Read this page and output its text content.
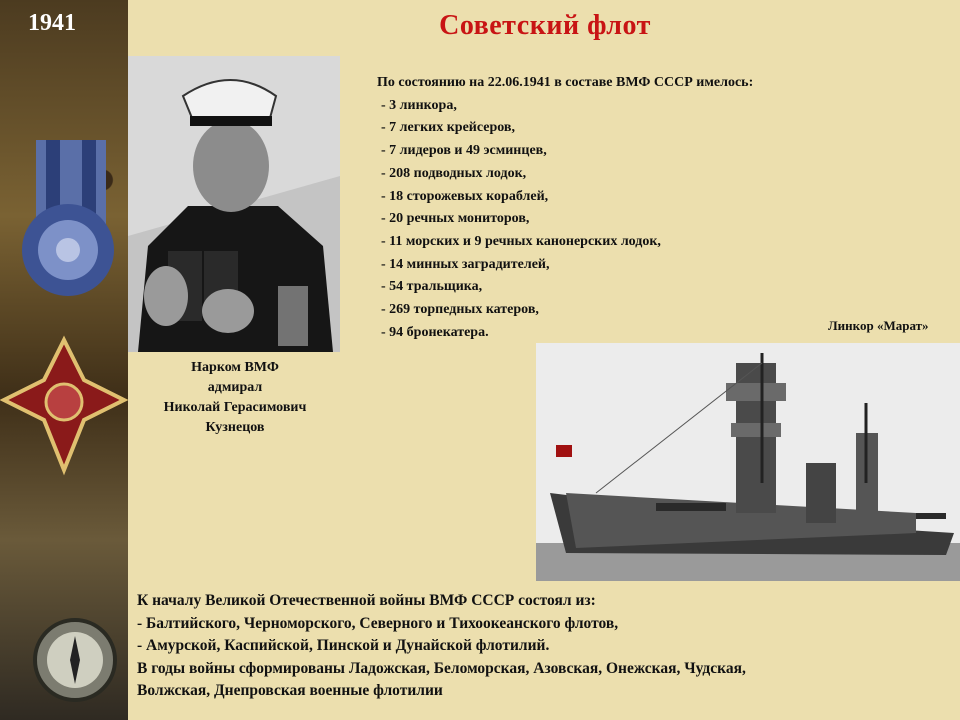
1941	Советский флот
Нарком ВМФ
адмирал
Николай Герасимович
Кузнецов
По состоянию на 22.06.1941 в составе ВМФ СССР имелось:
- 3 линкора,
- 7 легких крейсеров,
- 7 лидеров и 49 эсминцев,
- 208 подводных лодок,
- 18 сторожевых кораблей,
- 20 речных мониторов,
- 11 морских и 9 речных канонерских лодок,
- 14 минных заградителей,
- 54 тральщика,
- 269 торпедных катеров,
- 94 бронекатера.	Линкор «Марат»
К началу Великой Отечественной войны ВМФ СССР состоял из:
- Балтийского, Черноморского, Северного и Тихоокеанского флотов,
- Амурской, Каспийской, Пинской и Дунайской флотилий.
В годы войны сформированы Ладожская, Беломорская, Азовская, Онежская, Чудская,
Волжская, Днепровская военные флотилии
